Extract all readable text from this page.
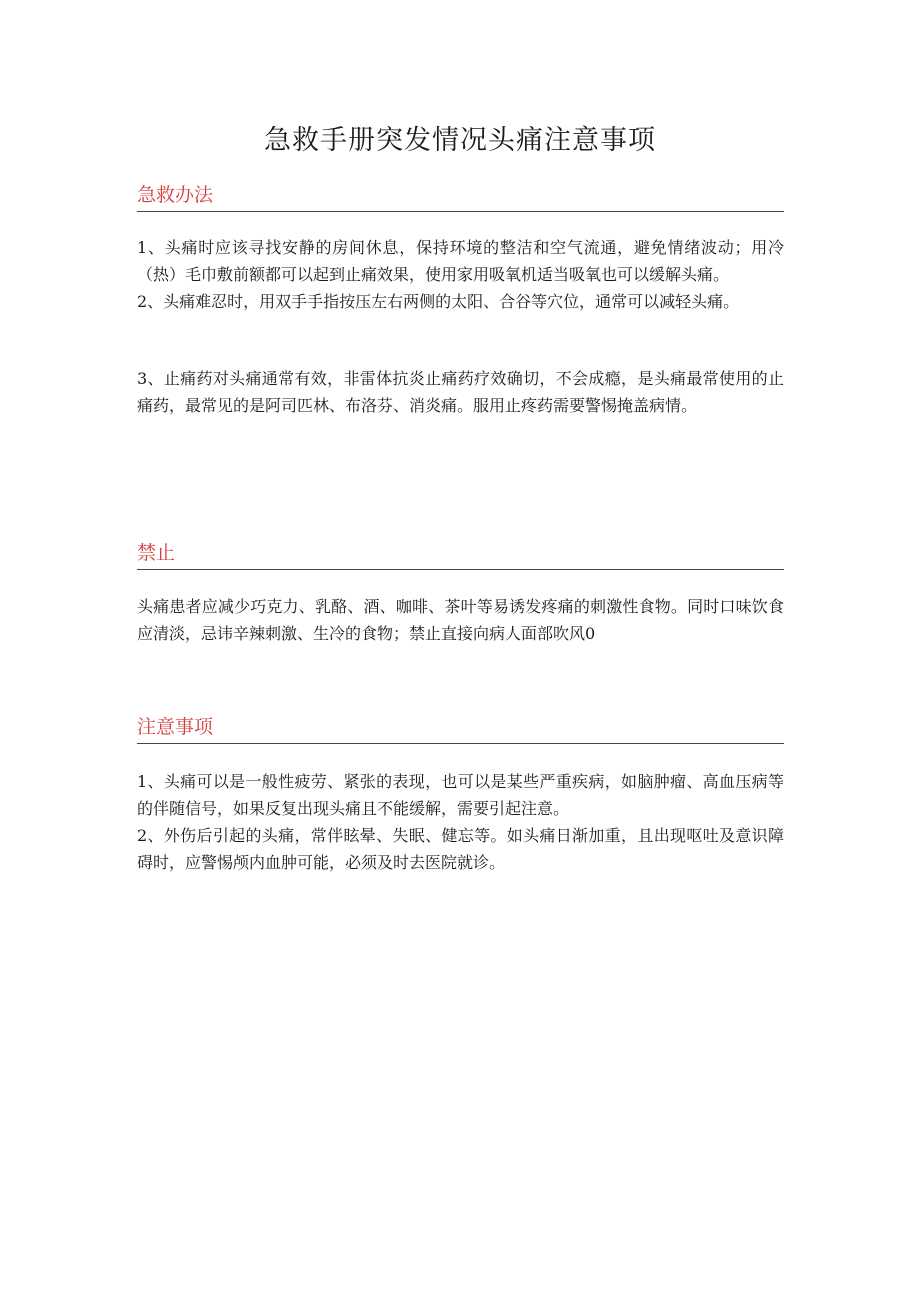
急救手册突发情况头痛注意事项
急救办法

1、头痛时应该寻找安静的房间休息，保持环境的整洁和空气流通，避免情绪波动；用冷（热）毛巾敷前额都可以起到止痛效果，使用家用吸氧机适当吸氧也可以缓解头痛。

2、头痛难忍时，用双手手指按压左右两侧的太阳、合谷等穴位，通常可以减轻头痛。

3、止痛药对头痛通常有效，非雷体抗炎止痛药疗效确切，不会成瘾，是头痛最常使用的止痛药，最常见的是阿司匹林、布洛芬、消炎痛。服用止疼药需要警惕掩盖病情。

禁止

头痛患者应减少巧克力、乳酪、酒、咖啡、茶叶等易诱发疼痛的刺激性食物。同时口味饮食应清淡，忌讳辛辣刺激、生冷的食物；禁止直接向病人面部吹风0

注意事项

1、头痛可以是一般性疲劳、紧张的表现，也可以是某些严重疾病，如脑肿瘤、高血压病等的伴随信号，如果反复出现头痛且不能缓解，需要引起注意。

2、外伤后引起的头痛，常伴眩晕、失眠、健忘等。如头痛日渐加重，且出现呕吐及意识障碍时，应警惕颅内血肿可能，必须及时去医院就诊。
